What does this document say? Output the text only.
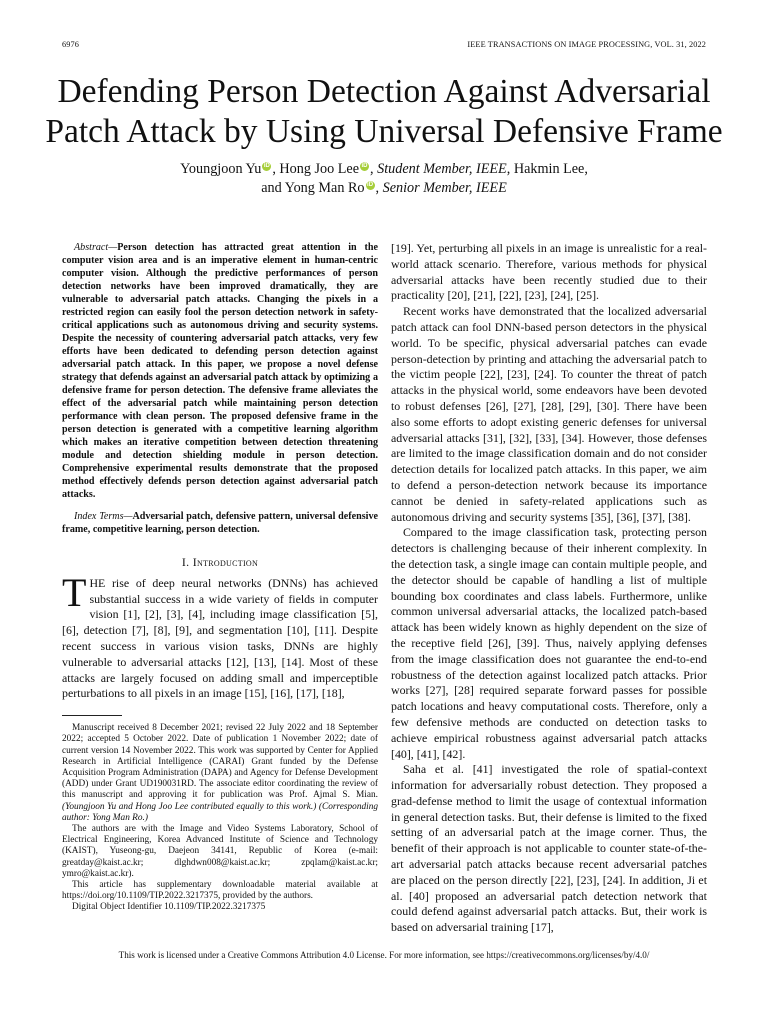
6976	IEEE TRANSACTIONS ON IMAGE PROCESSING, VOL. 31, 2022
Defending Person Detection Against Adversarial
Patch Attack by Using Universal Defensive Frame
Youngjoon Yu iD , Hong Joo Lee iD , Student Member, IEEE, Hakmin Lee,
and Yong Man Ro iD , Senior Member, IEEE

Abstract—Person detection has attracted great attention in the computer vision area and is an imperative element in human-centric computer vision. Although the predictive performances of person detection networks have been improved dramatically, they are vulnerable to adversarial patch attacks. Changing the pixels in a restricted region can easily fool the person detection network in safety-critical applications such as autonomous driving and security systems. Despite the necessity of countering adversarial patch attacks, very few efforts have been dedicated to defending person detection against adversarial patch attack. In this paper, we propose a novel defense strategy that defends against an adversarial patch attack by optimizing a defensive frame for person detection. The defensive frame alleviates the effect of the adversarial patch while maintaining person detection performance with clean person. The proposed defensive frame in the person detection is generated with a competitive learning algorithm which makes an iterative competition between detection threatening module and detection shielding module in person detection. Comprehensive experimental results demonstrate that the proposed method effectively defends person detection against adversarial patch attacks.

Index Terms—Adversarial patch, defensive pattern, universal defensive frame, competitive learning, person detection.

I. Introduction

THE rise of deep neural networks (DNNs) has achieved substantial success in a wide variety of fields in computer vision [1], [2], [3], [4], including image classification [5], [6], detection [7], [8], [9], and segmentation [10], [11]. Despite recent success in various vision tasks, DNNs are highly vulnerable to adversarial attacks [12], [13], [14]. Most of these attacks are largely focused on adding small and imperceptible perturbations to all pixels in an image [15], [16], [17], [18],

Manuscript received 8 December 2021; revised 22 July 2022 and 18 September 2022; accepted 5 October 2022. Date of publication 1 November 2022; date of current version 14 November 2022. This work was supported by Center for Applied Research in Artificial Intelligence (CARAI) Grant funded by the Defense Acquisition Program Administration (DAPA) and Agency for Defense Development (ADD) under Grant UD190031RD. The associate editor coordinating the review of this manuscript and approving it for publication was Prof. Ajmal S. Mian. (Youngjoon Yu and Hong Joo Lee contributed equally to this work.) (Corresponding author: Yong Man Ro.)

The authors are with the Image and Video Systems Laboratory, School of Electrical Engineering, Korea Advanced Institute of Science and Technology (KAIST), Yuseong-gu, Daejeon 34141, Republic of Korea (e-mail: greatday@kaist.ac.kr; dlghdwn008@kaist.ac.kr; zpqlam@kaist.ac.kr; ymro@kaist.ac.kr).

This article has supplementary downloadable material available at https://doi.org/10.1109/TIP.2022.3217375, provided by the authors.

Digital Object Identifier 10.1109/TIP.2022.3217375

[19]. Yet, perturbing all pixels in an image is unrealistic for a real-world attack scenario. Therefore, various methods for physical adversarial attacks have been recently studied due to their practicality [20], [21], [22], [23], [24], [25].

Recent works have demonstrated that the localized adversarial patch attack can fool DNN-based person detectors in the physical world. To be specific, physical adversarial patches can evade person-detection by printing and attaching the adversarial patch to the victim people [22], [23], [24]. To counter the threat of patch attacks in the physical world, some endeavors have been devoted to robust defenses [26], [27], [28], [29], [30]. There have been also some efforts to adopt existing generic defenses for universal adversarial attacks [31], [32], [33], [34]. However, those defenses are limited to the image classification domain and do not consider detection details for localized patch attacks. In this paper, we aim to defend a person-detection network because its importance cannot be denied in safety-related applications such as autonomous driving and security systems [35], [36], [37], [38].

Compared to the image classification task, protecting person detectors is challenging because of their inherent complexity. In the detection task, a single image can contain multiple people, and the detector should be capable of handling a list of multiple bounding box coordinates and class labels. Furthermore, unlike common universal adversarial attacks, the localized patch-based attack has been widely known as highly dependent on the size of the receptive field [26], [39]. Thus, naively applying defenses from the image classification does not guarantee the end-to-end robustness of the detection against localized patch attacks. Prior works [27], [28] required separate forward passes for possible patch locations and heavy computational costs. Therefore, only a few defensive methods are conducted on detection tasks to achieve empirical robustness against adversarial patch attacks [40], [41], [42].

Saha et al. [41] investigated the role of spatial-context information for adversarially robust detection. They proposed a grad-defense method to limit the usage of contextual information in general detection tasks. But, their defense is limited to the fixed setting of an adversarial patch at the image corner. Thus, the benefit of their approach is not applicable to counter state-of-the-art adversarial patch attacks because recent adversarial patches are placed on the person directly [22], [23], [24]. In addition, Ji et al. [40] proposed an adversarial patch detection network that could defend against adversarial patch attacks. But, their work is based on adversarial training [17],

This work is licensed under a Creative Commons Attribution 4.0 License. For more information, see https://creativecommons.org/licenses/by/4.0/
